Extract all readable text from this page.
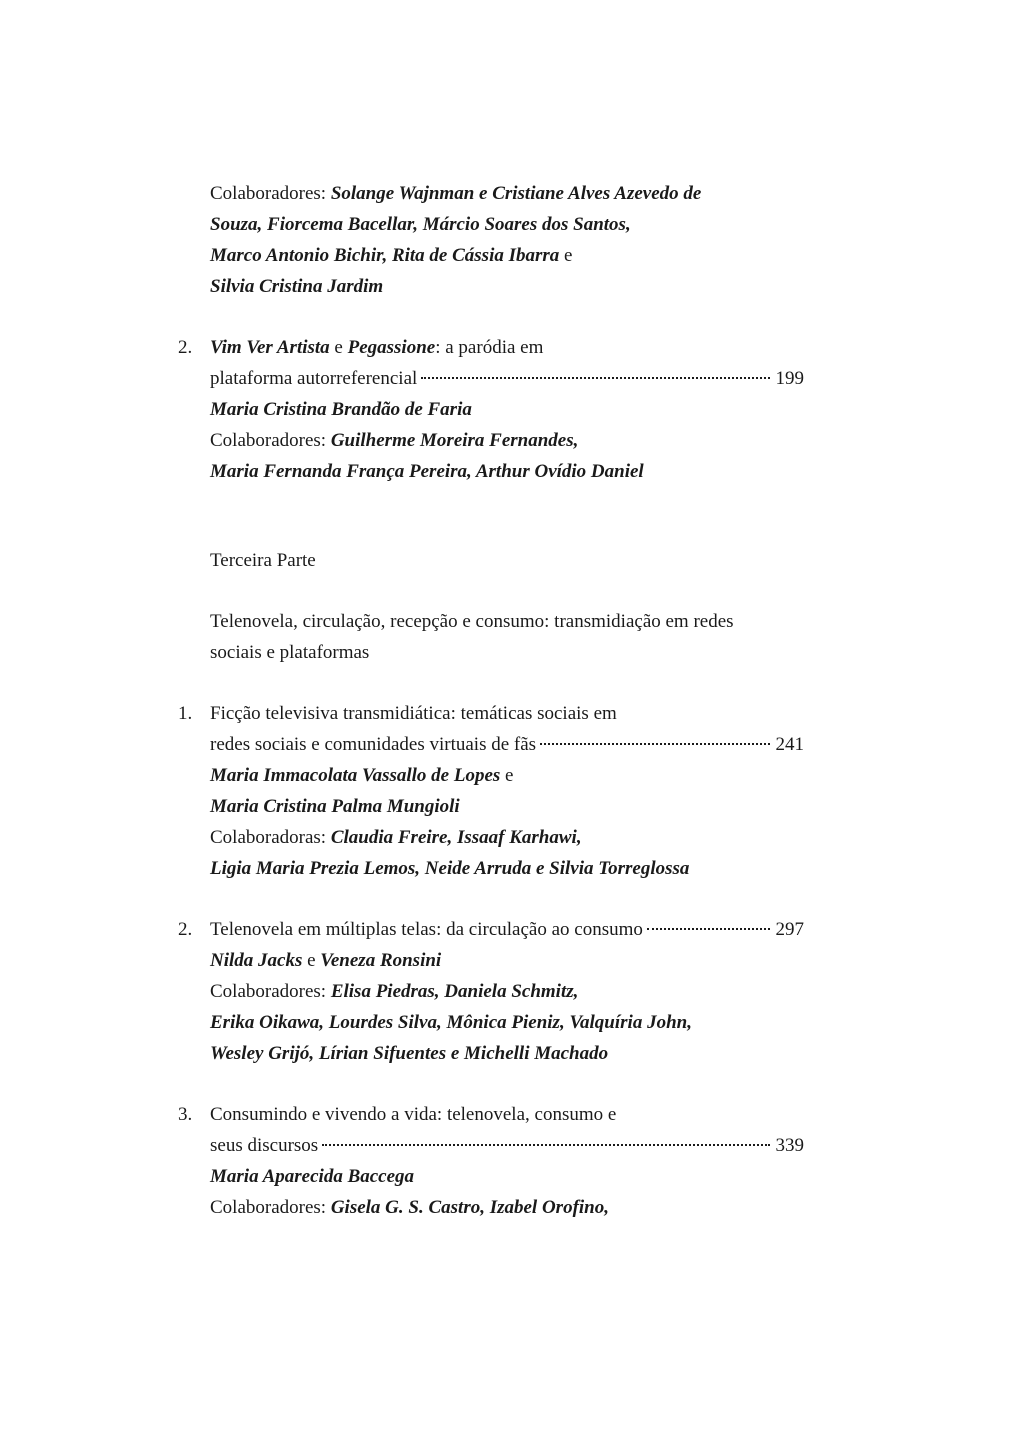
Colaboradores: Solange Wajnman e Cristiane Alves Azevedo de
Souza, Fiorcema Bacellar, Márcio Soares dos Santos,
Marco Antonio Bichir, Rita de Cássia Ibarra e
Silvia Cristina Jardim
2. Vim Ver Artista e Pegassione: a paródia em
plataforma autorreferencial	199
Maria Cristina Brandão de Faria
Colaboradores: Guilherme Moreira Fernandes,
Maria Fernanda França Pereira, Arthur Ovídio Daniel
Terceira Parte
Telenovela, circulação, recepção e consumo: transmidiação em redes
sociais e plataformas
1. Ficção televisiva transmidiática: temáticas sociais em
redes sociais e comunidades virtuais de fãs	241
Maria Immacolata Vassallo de Lopes e
Maria Cristina Palma Mungioli
Colaboradoras: Claudia Freire, Issaaf Karhawi,
Ligia Maria Prezia Lemos, Neide Arruda e Silvia Torreglossa
2. Telenovela em múltiplas telas: da circulação ao consumo	297
Nilda Jacks e Veneza Ronsini
Colaboradores: Elisa Piedras, Daniela Schmitz,
Erika Oikawa, Lourdes Silva, Mônica Pieniz, Valquíria John,
Wesley Grijó, Lírian Sifuentes e Michelli Machado
3. Consumindo e vivendo a vida: telenovela, consumo e
seus discursos	339
Maria Aparecida Baccega
Colaboradores: Gisela G. S. Castro, Izabel Orofino,
